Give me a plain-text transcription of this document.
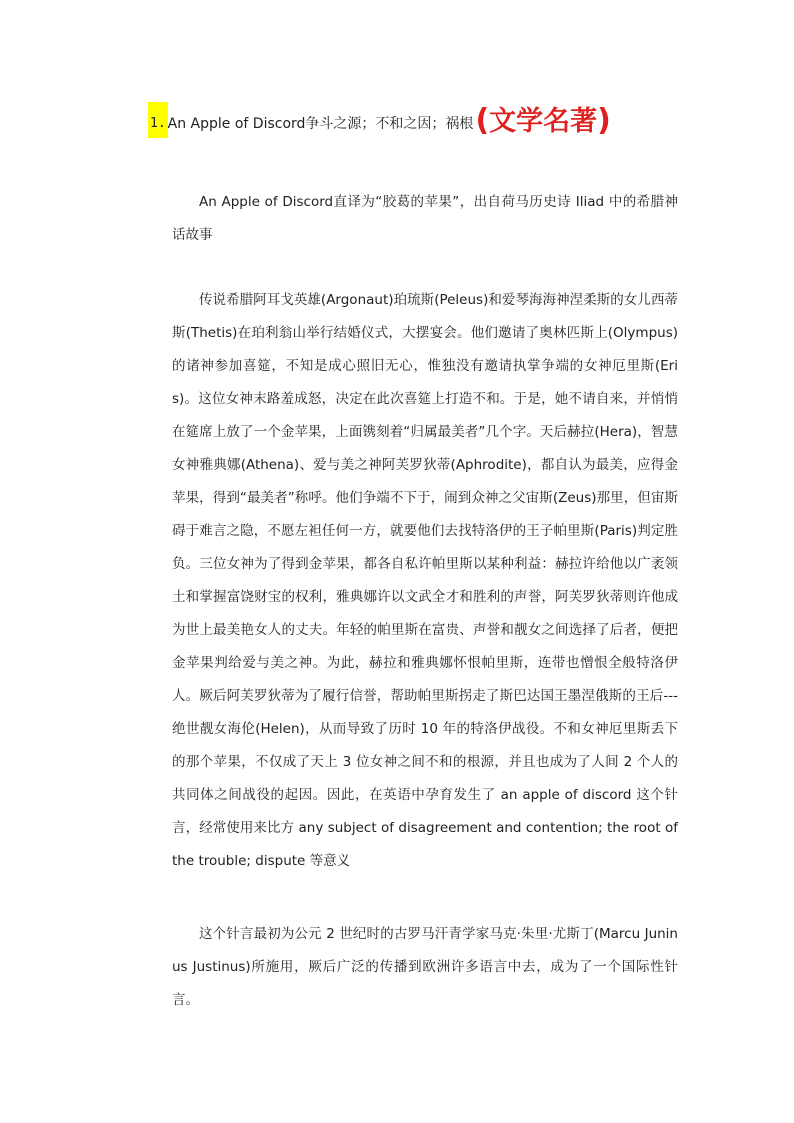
1. An Apple of Discord争斗之源；不和之因；祸根 (文学名著)

An Apple of Discord直译为“胶葛的苹果”，出自荷马历史诗 Iliad 中的希腊神话故事

传说希腊阿耳戈英雄(Argonaut)珀琉斯(Peleus)和爱琴海海神涅柔斯的女儿西蒂斯(Thetis)在珀利翁山举行结婚仪式，大摆宴会。他们邀请了奥林匹斯上(Olympus)的诸神参加喜筵，不知是成心照旧无心，惟独没有邀请执掌争端的女神厄里斯(Eris)。这位女神末路羞成怒，决定在此次喜筵上打造不和。于是，她不请自来，并悄悄在筵席上放了一个金苹果，上面镌刻着“归属最美者”几个字。天后赫拉(Hera)，智慧女神雅典娜(Athena)、爱与美之神阿芙罗狄蒂(Aphrodite)，都自认为最美，应得金苹果，得到“最美者”称呼。他们争端不下于，闹到众神之父宙斯(Zeus)那里，但宙斯碍于难言之隐，不愿左袒任何一方，就要他们去找特洛伊的王子帕里斯(Paris)判定胜负。三位女神为了得到金苹果，都各自私许帕里斯以某种利益：赫拉许给他以广袤领土和掌握富饶财宝的权利，雅典娜许以文武全才和胜利的声誉，阿芙罗狄蒂则许他成为世上最美艳女人的丈夫。年轻的帕里斯在富贵、声誉和靓女之间选择了后者，便把金苹果判给爱与美之神。为此，赫拉和雅典娜怀恨帕里斯，连带也憎恨全般特洛伊人。厥后阿芙罗狄蒂为了履行信誉，帮助帕里斯拐走了斯巴达国王墨涅俄斯的王后---绝世靓女海伦(Helen)，从而导致了历时 10 年的特洛伊战役。不和女神厄里斯丢下的那个苹果，不仅成了天上 3 位女神之间不和的根源，并且也成为了人间 2 个人的共同体之间战役的起因。因此，在英语中孕育发生了 an apple of discord 这个针言，经常使用来比方 any subject of disagreement and contention; the root of the trouble; dispute 等意义

这个针言最初为公元 2 世纪时的古罗马汗青学家马克·朱里·尤斯丁(Marcu Juninus Justinus)所施用，厥后广泛的传播到欧洲许多语言中去，成为了一个国际性针言。
